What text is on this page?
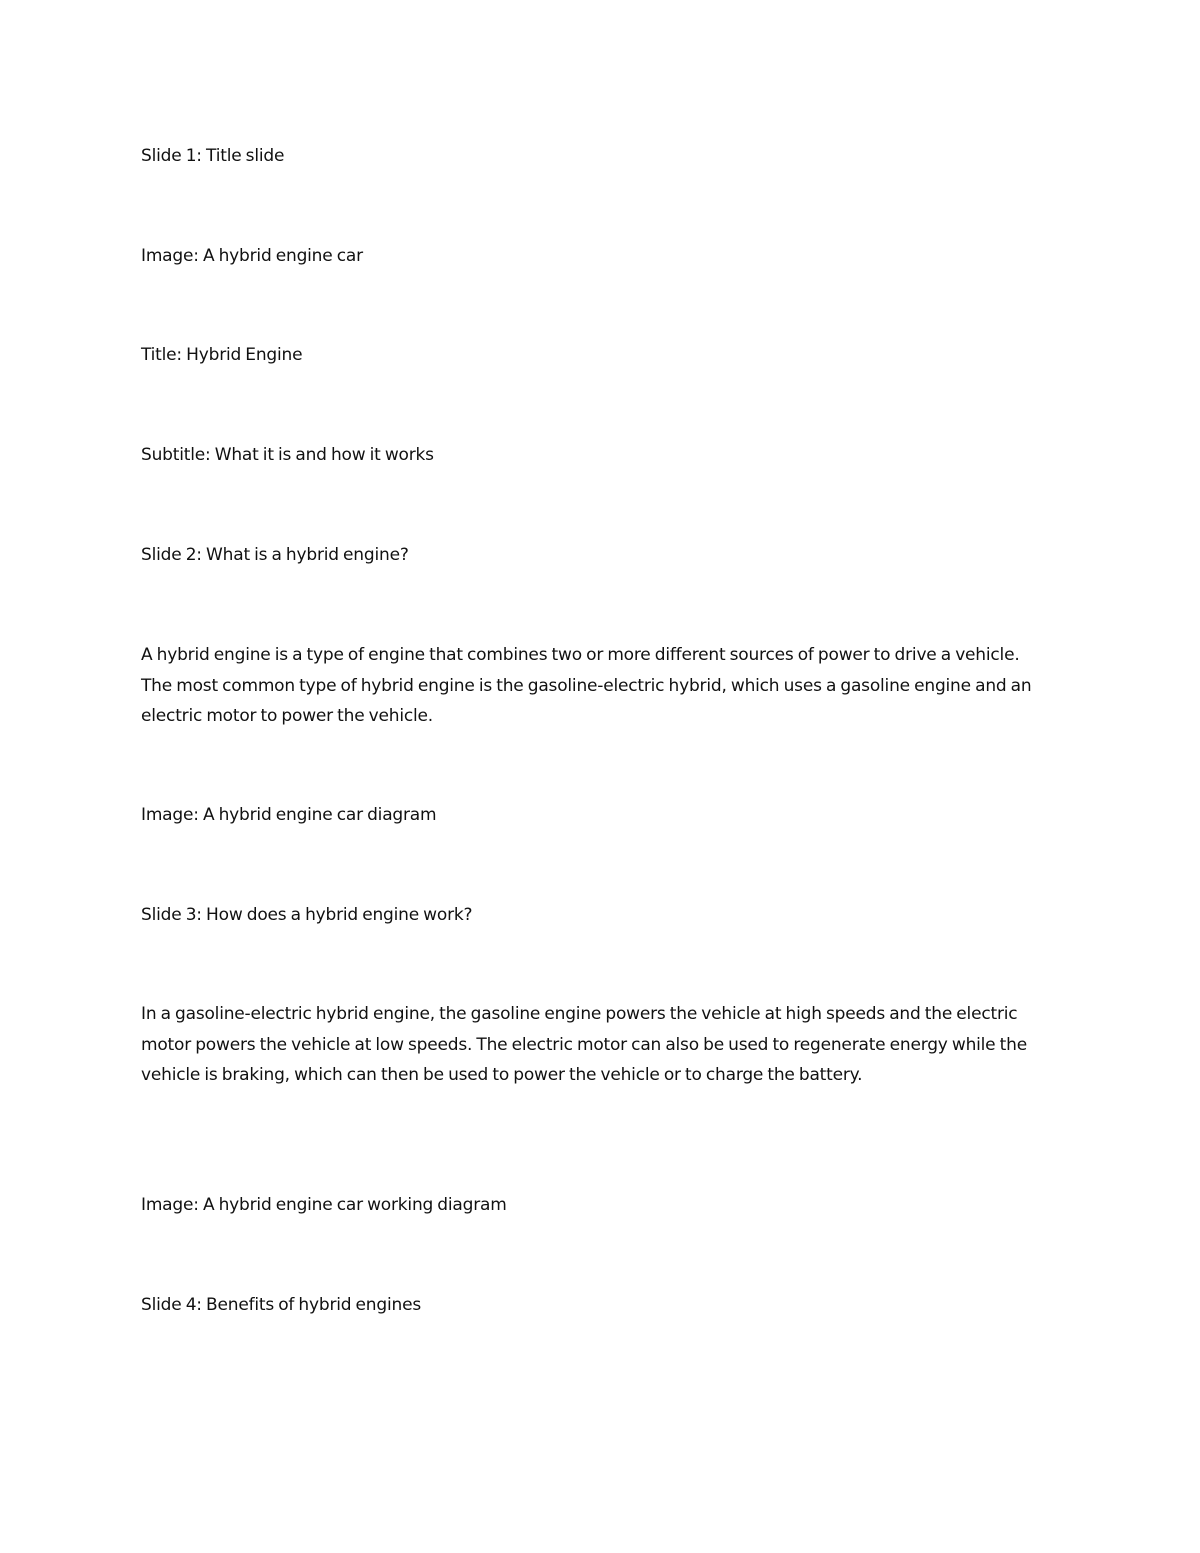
Slide 1: Title slide

Image: A hybrid engine car

Title: Hybrid Engine

Subtitle: What it is and how it works

Slide 2: What is a hybrid engine?

A hybrid engine is a type of engine that combines two or more different sources of power to drive a vehicle. The most common type of hybrid engine is the gasoline-electric hybrid, which uses a gasoline engine and an electric motor to power the vehicle.

Image: A hybrid engine car diagram

Slide 3: How does a hybrid engine work?

In a gasoline-electric hybrid engine, the gasoline engine powers the vehicle at high speeds and the electric motor powers the vehicle at low speeds. The electric motor can also be used to regenerate energy while the vehicle is braking, which can then be used to power the vehicle or to charge the battery.

Image: A hybrid engine car working diagram

Slide 4: Benefits of hybrid engines
